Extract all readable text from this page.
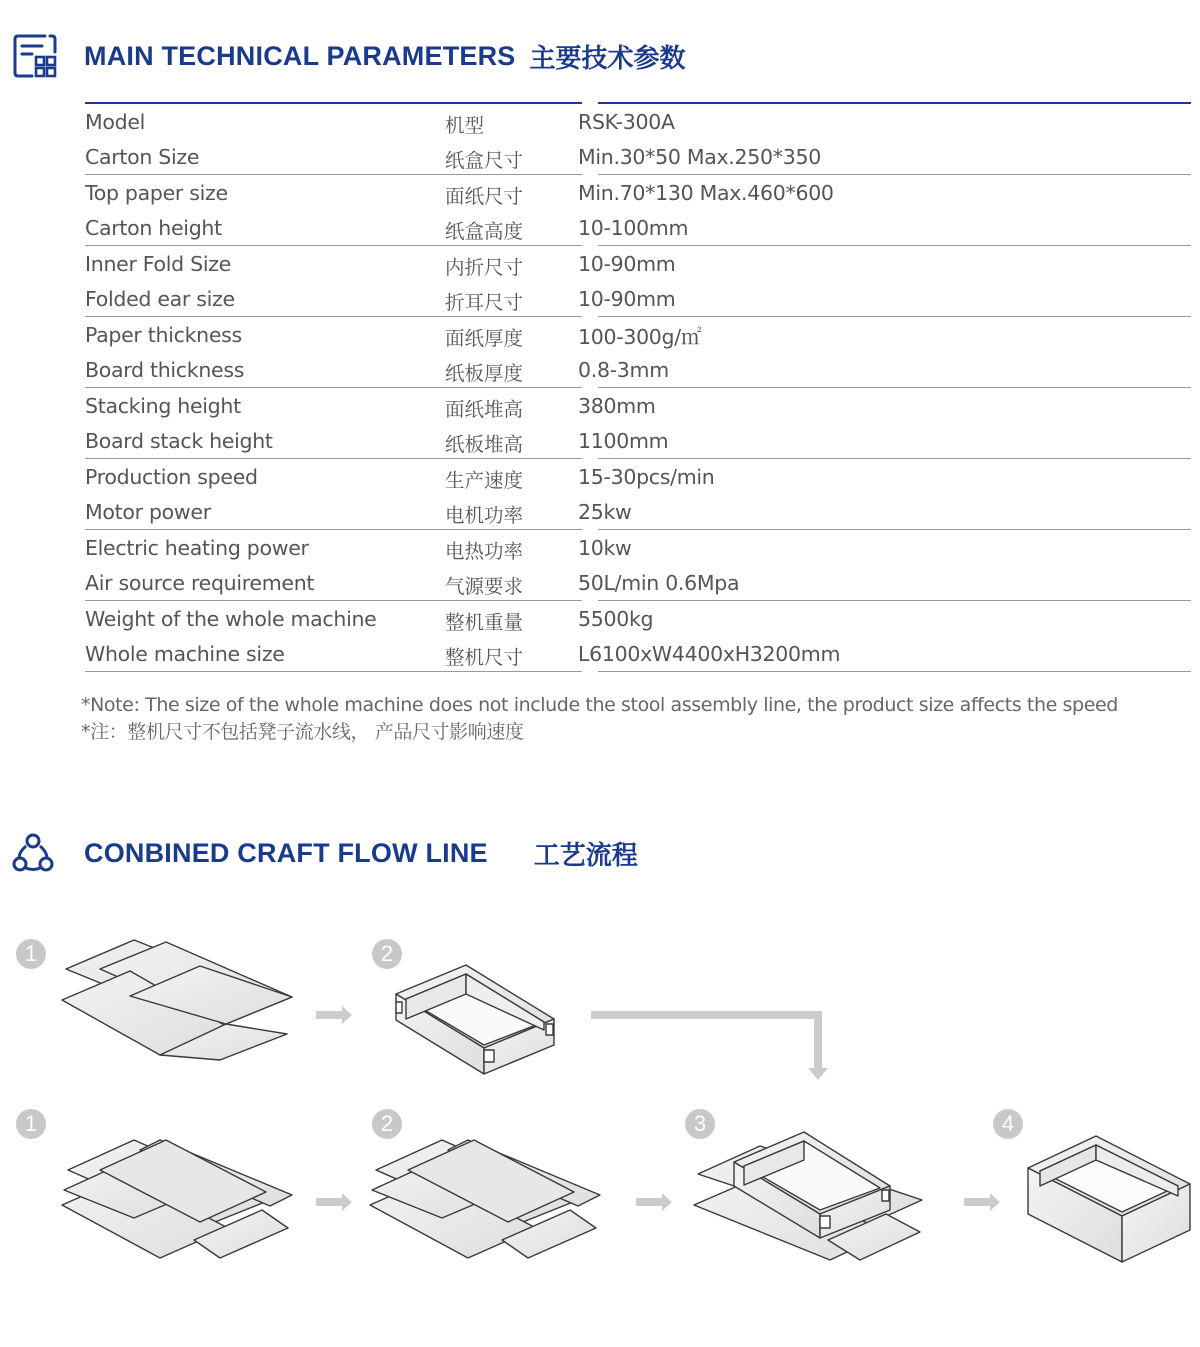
MAIN TECHNICAL PARAMETERS 主要技术参数
Model	机型	RSK-300A
Carton Size	纸盒尺寸	Min.30*50 Max.250*350
Top paper size	面纸尺寸	Min.70*130 Max.460*600
Carton height	纸盒高度	10-100mm
Inner Fold Size	内折尺寸	10-90mm
Folded ear size	折耳尺寸	10-90mm
Paper thickness	面纸厚度	100-300g/㎡
Board thickness	纸板厚度	0.8-3mm
Stacking height	面纸堆高	380mm
Board stack height	纸板堆高	1100mm
Production speed	生产速度	15-30pcs/min
Motor power	电机功率	25kw
Electric heating power	电热功率	10kw
Air source requirement	气源要求	50L/min 0.6Mpa
Weight of the whole machine	整机重量	5500kg
Whole machine size	整机尺寸	L6100xW4400xH3200mm
*Note: The size of the whole machine does not include the stool assembly line, the product size affects the speed
*注：整机尺寸不包括凳子流水线， 产品尺寸影响速度
CONBINED CRAFT FLOW LINE 工艺流程
1	2
1	2	3	4
